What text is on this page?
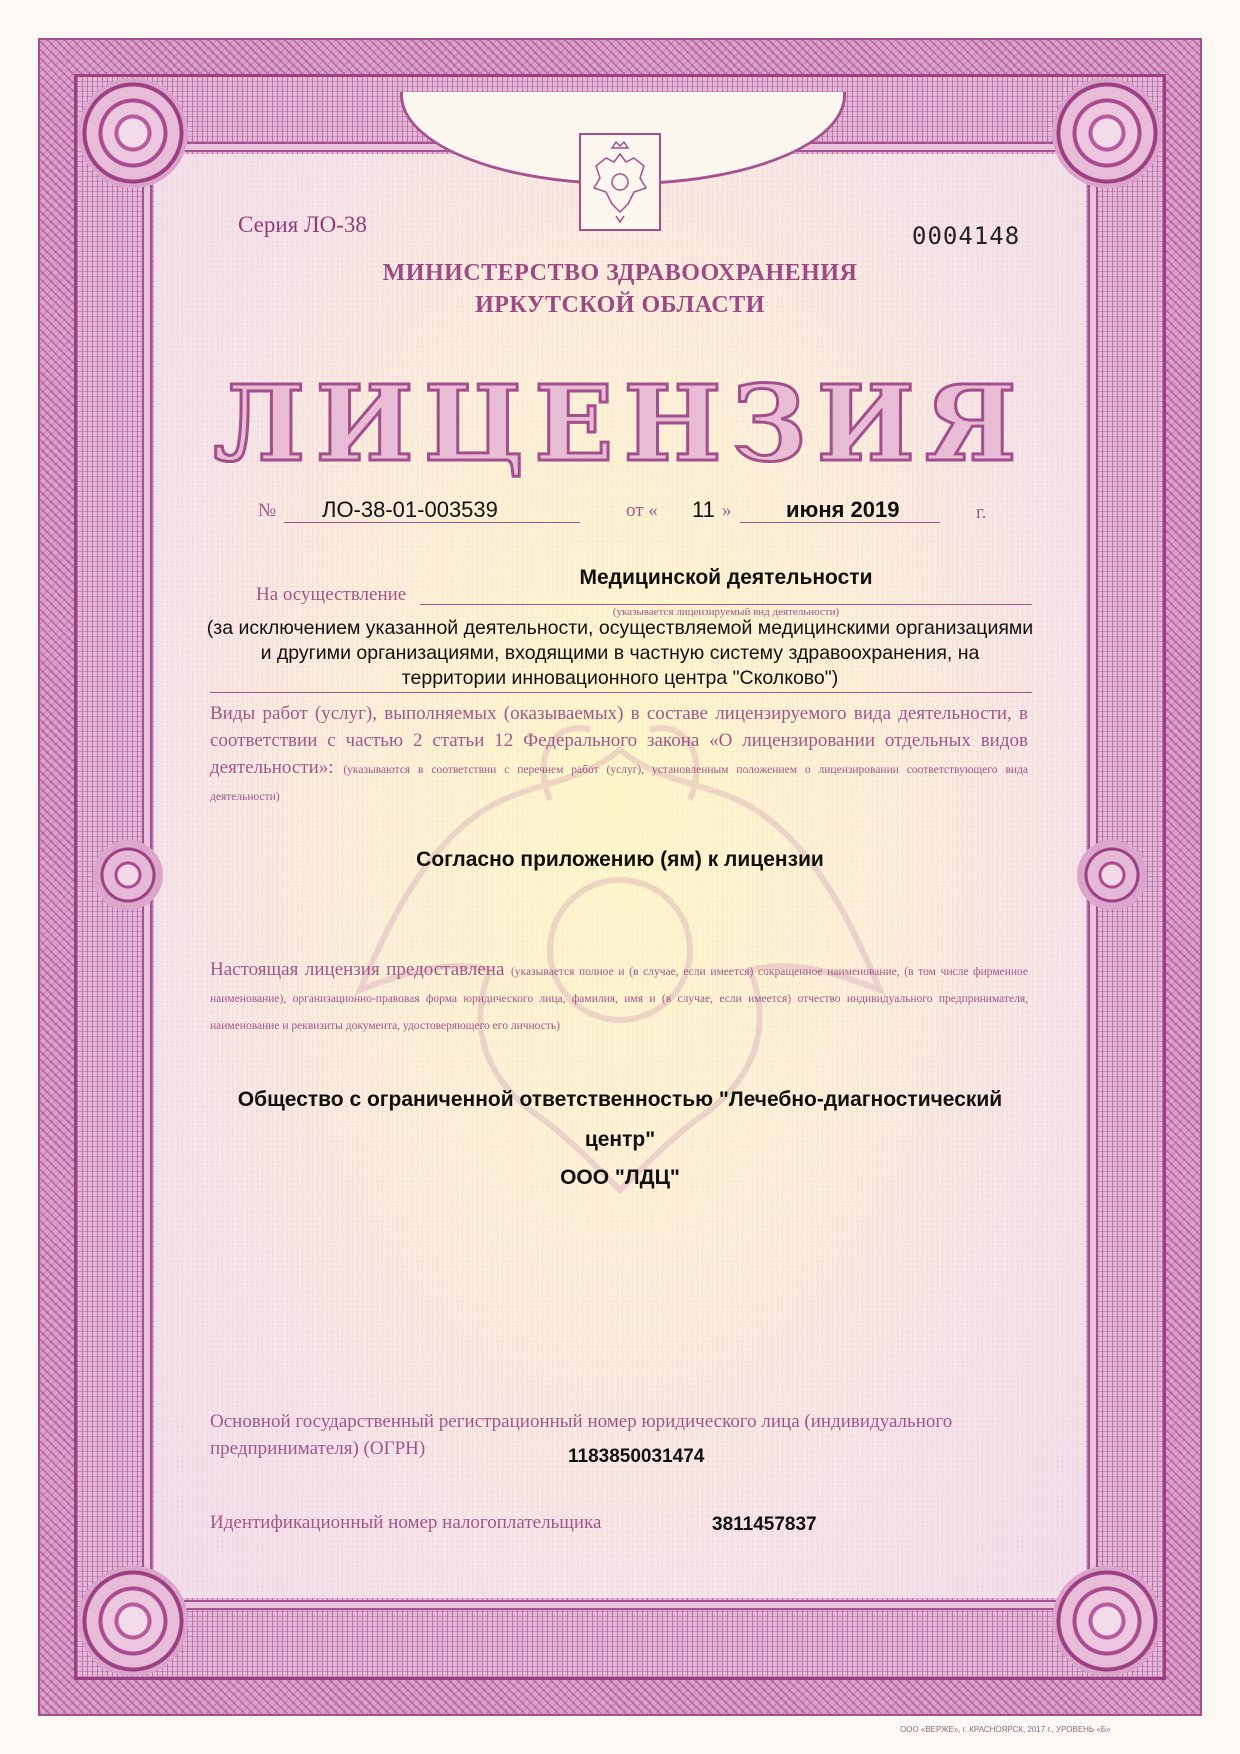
Серия ЛО-38	0004148
МИНИСТЕРСТВО ЗДРАВООХРАНЕНИЯ
ИРКУТСКОЙ ОБЛАСТИ
ЛИЦЕНЗИЯ
№ ЛО-38-01-003539	от « 11 » июня 2019	г.
На осуществление
Медицинской деятельности
(указывается лицензируемый вид деятельности)
(за исключением указанной деятельности, осуществляемой медицинскими организациями
и другими организациями, входящими в частную систему здравоохранения, на
территории инновационного центра "Сколково")
Виды работ (услуг), выполняемых (оказываемых) в составе лицензируемого вида деятельности, в соответствии с частью 2 статьи 12 Федерального закона «О лицензировании отдельных видов деятельности»: (указываются в соответствии с перечнем работ (услуг), установленным положением о лицензировании соответствующего вида деятельности)
Согласно приложению (ям) к лицензии
Настоящая лицензия предоставлена (указывается полное и (в случае, если имеется) сокращенное наименование, (в том числе фирменное наименование), организационно-правовая форма юридического лица, фамилия, имя и (в случае, если имеется) отчество индивидуального предпринимателя, наименование и реквизиты документа, удостоверяющего его личность)
Общество с ограниченной ответственностью "Лечебно-диагностический
центр"
ООО "ЛДЦ"
Основной государственный регистрационный номер юридического лица (индивидуального
предпринимателя) (ОГРН)	1183850031474
Идентификационный номер налогоплательщика	3811457837
ООО «ВЕРЖЕ», г. КРАСНОЯРСК, 2017 г., УРОВЕНЬ «Б»
